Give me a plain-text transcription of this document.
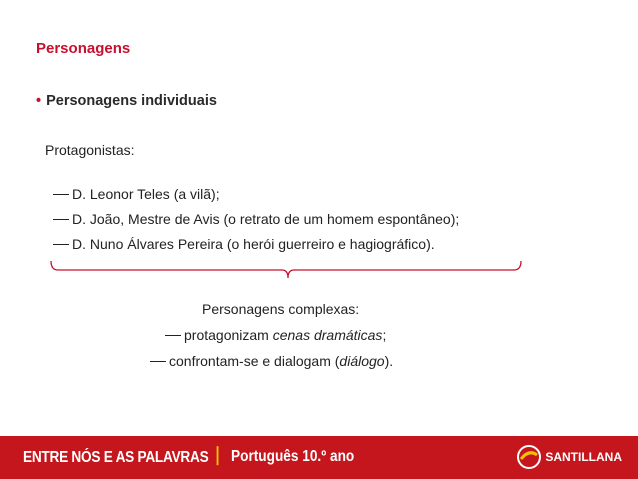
Personagens
• Personagens individuais
Protagonistas:
D. Leonor Teles (a vilã);
D. João, Mestre de Avis (o retrato de um homem espontâneo);
D. Nuno Álvares Pereira (o herói guerreiro e hagiográfico).
Personagens complexas:
protagonizam cenas dramáticas;
confrontam-se e dialogam (diálogo).
ENTRE NÓS E AS PALAVRAS ▏ Português 10.º ano	SANTILLANA
